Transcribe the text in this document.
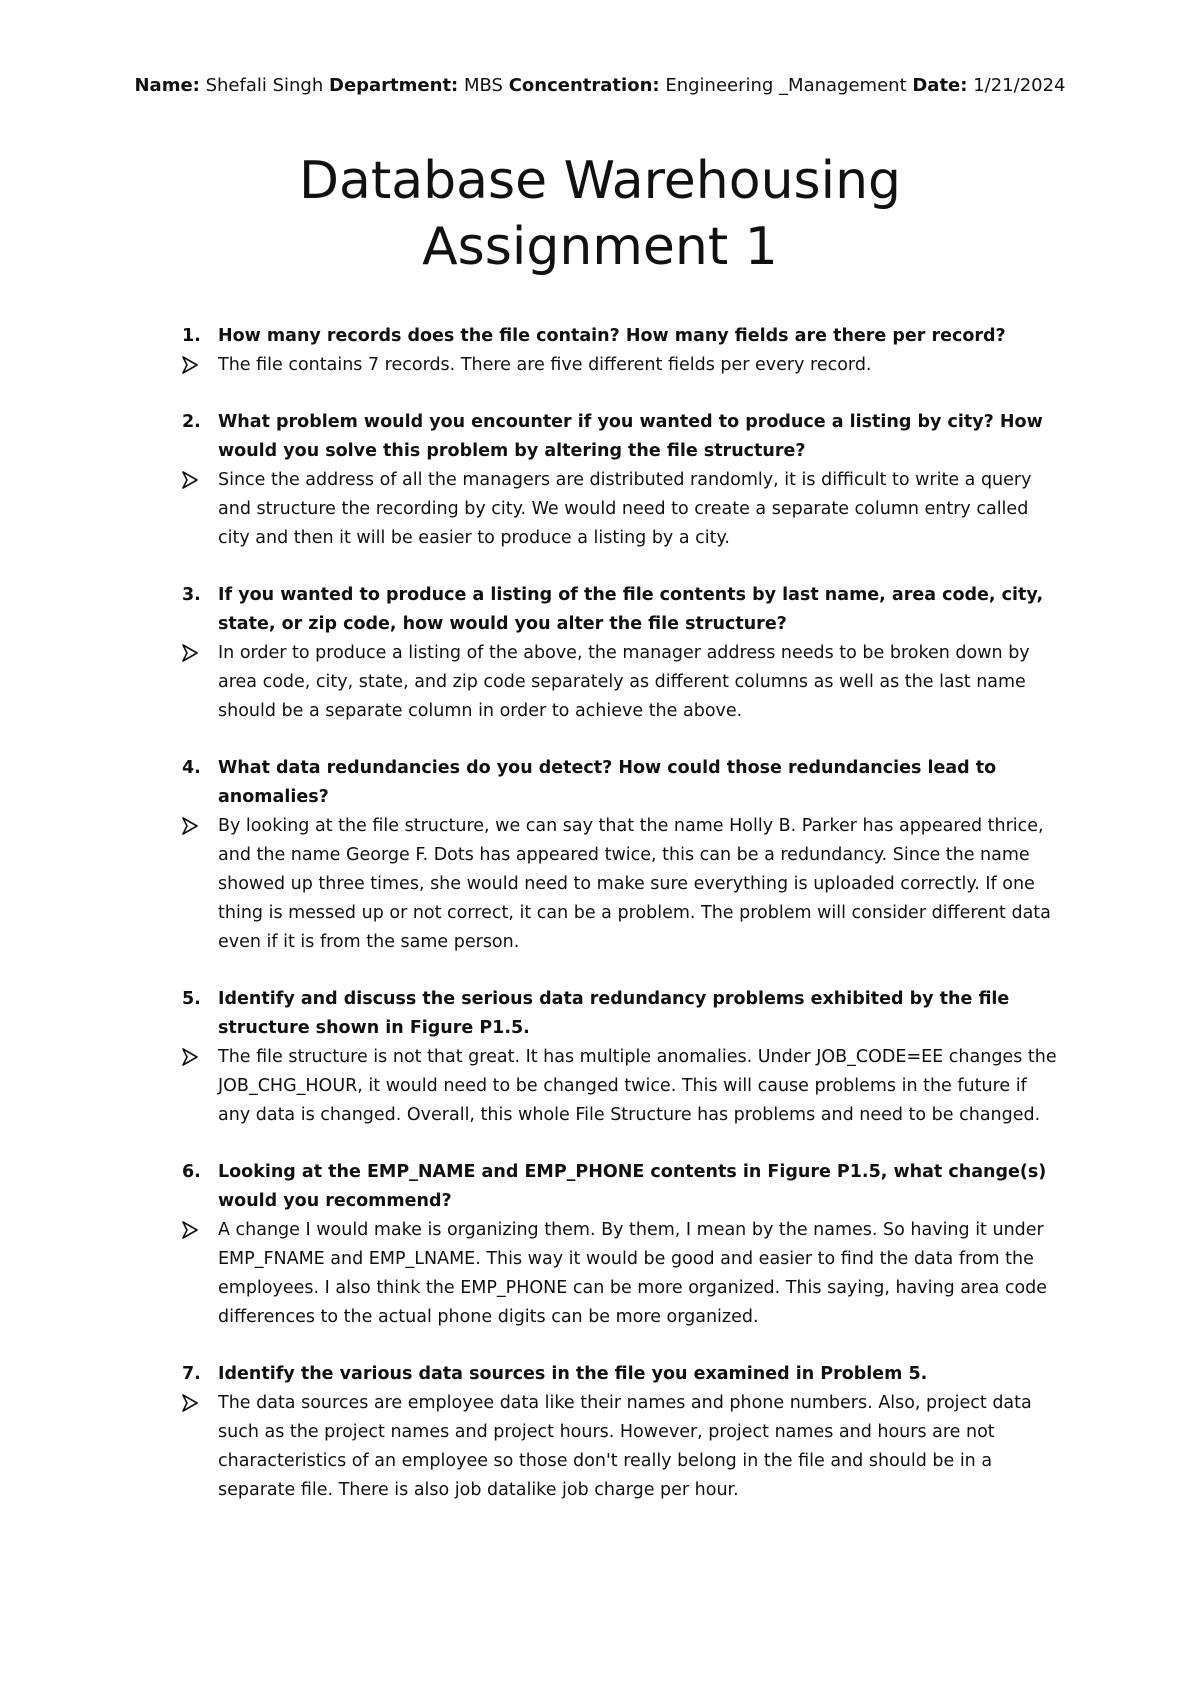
Name: Shefali Singh Department: MBS Concentration: Engineering _Management Date: 1/21/2024
Database Warehousing
Assignment 1
1. How many records does the file contain? How many fields are there per record?
The file contains 7 records. There are five different fields per every record.
2. What problem would you encounter if you wanted to produce a listing by city? How would you solve this problem by altering the file structure?
Since the address of all the managers are distributed randomly, it is difficult to write a query and structure the recording by city. We would need to create a separate column entry called city and then it will be easier to produce a listing by a city.
3. If you wanted to produce a listing of the file contents by last name, area code, city, state, or zip code, how would you alter the file structure?
In order to produce a listing of the above, the manager address needs to be broken down by area code, city, state, and zip code separately as different columns as well as the last name should be a separate column in order to achieve the above.
4. What data redundancies do you detect? How could those redundancies lead to anomalies?
By looking at the file structure, we can say that the name Holly B. Parker has appeared thrice, and the name George F. Dots has appeared twice, this can be a redundancy. Since the name showed up three times, she would need to make sure everything is uploaded correctly. If one thing is messed up or not correct, it can be a problem. The problem will consider different data even if it is from the same person.
5. Identify and discuss the serious data redundancy problems exhibited by the file structure shown in Figure P1.5.
The file structure is not that great. It has multiple anomalies. Under JOB_CODE=EE changes the JOB_CHG_HOUR, it would need to be changed twice. This will cause problems in the future if any data is changed. Overall, this whole File Structure has problems and need to be changed.
6. Looking at the EMP_NAME and EMP_PHONE contents in Figure P1.5, what change(s) would you recommend?
A change I would make is organizing them. By them, I mean by the names. So having it under EMP_FNAME and EMP_LNAME. This way it would be good and easier to find the data from the employees. I also think the EMP_PHONE can be more organized. This saying, having area code differences to the actual phone digits can be more organized.
7. Identify the various data sources in the file you examined in Problem 5.
The data sources are employee data like their names and phone numbers. Also, project data such as the project names and project hours. However, project names and hours are not characteristics of an employee so those don't really belong in the file and should be in a separate file. There is also job datalike job charge per hour.
